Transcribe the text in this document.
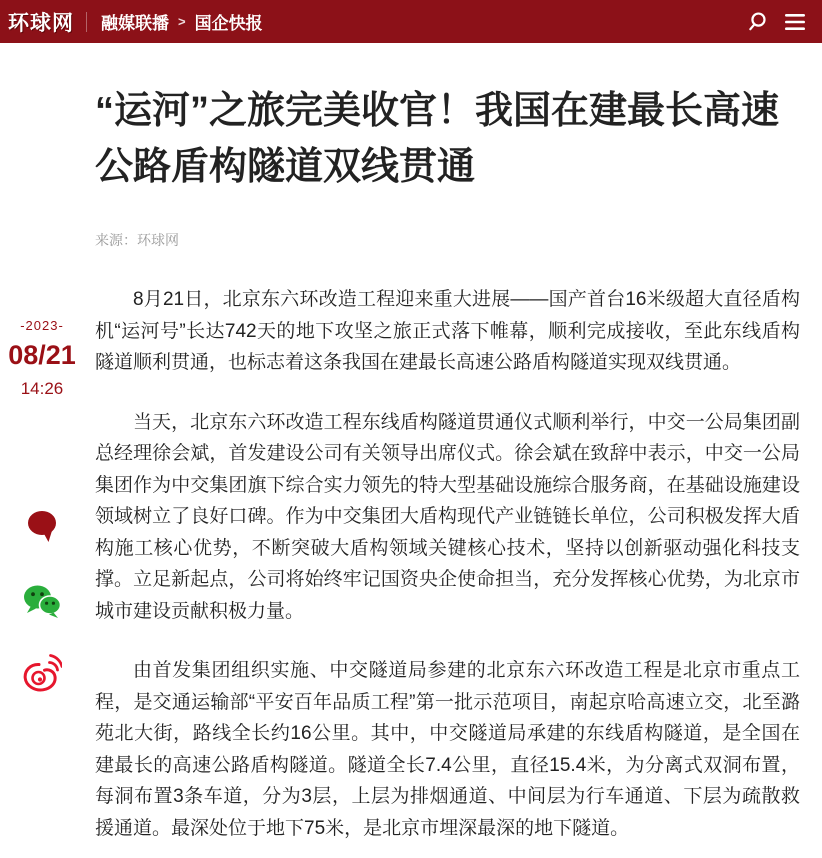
环球网 融媒联播 > 国企快报
-2023-
08/21
14:26
“运河”之旅完美收官！我国在建最长高速公路盾构隧道双线贯通
来源：环球网

8月21日，北京东六环改造工程迎来重大进展——国产首台16米级超大直径盾构机“运河号”长达742天的地下攻坚之旅正式落下帷幕，顺利完成接收，至此东线盾构隧道顺利贯通，也标志着这条我国在建最长高速公路盾构隧道实现双线贯通。

当天，北京东六环改造工程东线盾构隧道贯通仪式顺利举行，中交一公局集团副总经理徐会斌，首发建设公司有关领导出席仪式。徐会斌在致辞中表示，中交一公局集团作为中交集团旗下综合实力领先的特大型基础设施综合服务商，在基础设施建设领域树立了良好口碑。作为中交集团大盾构现代产业链链长单位，公司积极发挥大盾构施工核心优势，不断突破大盾构领域关键核心技术，坚持以创新驱动强化科技支撑。立足新起点，公司将始终牢记国资央企使命担当，充分发挥核心优势，为北京市城市建设贡献积极力量。

由首发集团组织实施、中交隧道局参建的北京东六环改造工程是北京市重点工程，是交通运输部“平安百年品质工程”第一批示范项目，南起京哈高速立交，北至潞苑北大街，路线全长约16公里。其中，中交隧道局承建的东线盾构隧道，是全国在建最长的高速公路盾构隧道。隧道全长7.4公里，直径15.4米，为分离式双洞布置，每洞布置3条车道，分为3层，上层为排烟通道、中间层为行车通道、下层为疏散救援通道。最深处位于地下75米，是北京市埋深最深的地下隧道。
